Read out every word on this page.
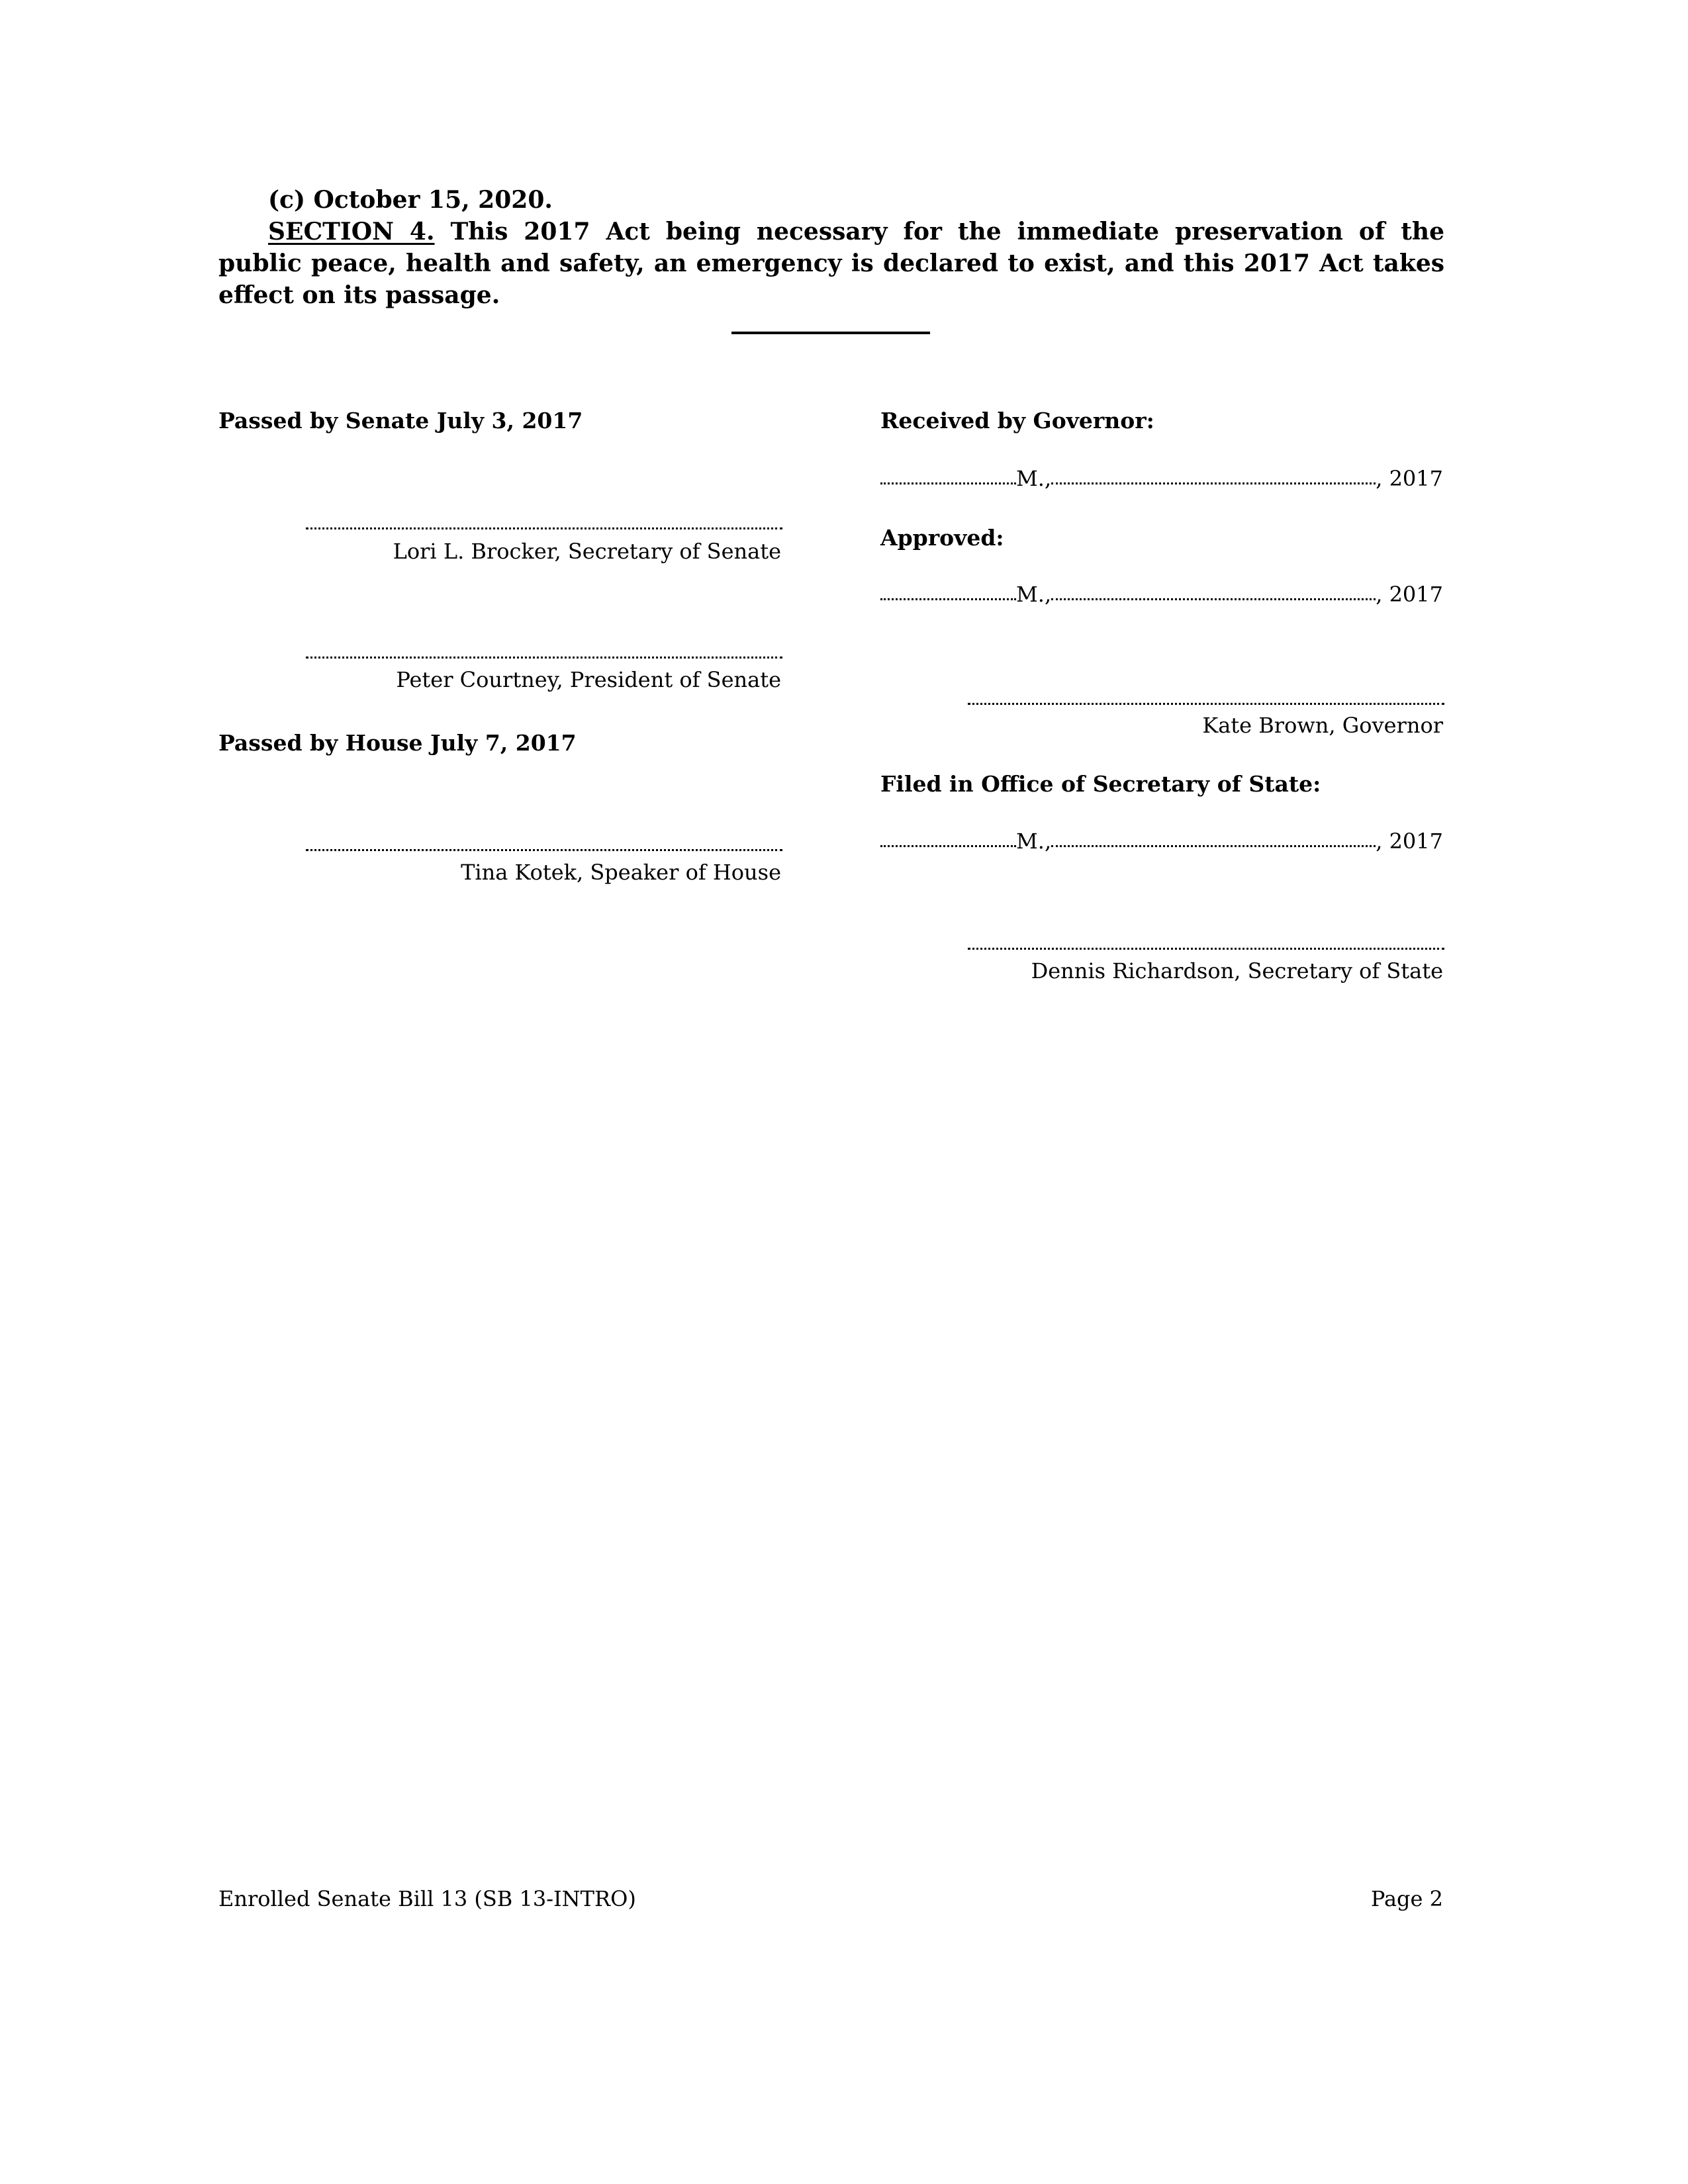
(c) October 15, 2020.
SECTION 4. This 2017 Act being necessary for the immediate preservation of the public peace, health and safety, an emergency is declared to exist, and this 2017 Act takes effect on its passage.
Passed by Senate July 3, 2017
Lori L. Brocker, Secretary of Senate
Peter Courtney, President of Senate
Passed by House July 7, 2017
Tina Kotek, Speaker of House
Received by Governor:
M.,	, 2017
Approved:
M.,	, 2017
Kate Brown, Governor
Filed in Office of Secretary of State:
M.,	, 2017
Dennis Richardson, Secretary of State
Enrolled Senate Bill 13 (SB 13-INTRO)	Page 2
